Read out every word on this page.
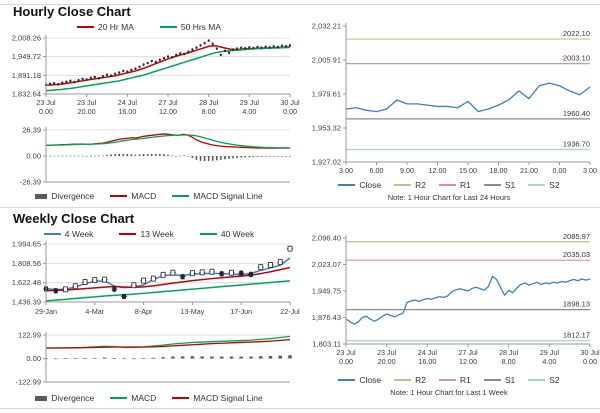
Hourly Close Chart
20 Hr MA	50 Hrs MA
2,008.26
1,949.72
1,891.18
1,832.64
23 Jul
0.00
23 Jul
20.00
24 Jul
16.00
27 Jul
12.00
28 Jul
8.00
29 Jul
4.00
30 Jul
0.00
26.39
0.00
-26.39
Divergence	MACD	MACD Signal Line
2022.10
2003.10
1960.40
1936.70
2,032.21
2,005.91
1,979.61
1,953.32
1,927.02
3.00 6.00 9.00 12.00 15.00 18.00 21.00 0.00 3.00
Close	R2	R1	S1	S2
Note: 1 Hour Chart for Last 24 Hours
Weekly Close Chart
4 Week	13 Week	40 Week
1,994.65
1,808.56
1,622.48
1,436.39
29-Jan	4-Mar	8-Apr	13-May	17-Jun	22-Jul
122.99
0.00
-122.99
Divergence	MACD	MACD Signal Line
2085.97
2035.03
1898.13
1812.17
2,096.40
2,023.07
1,949.75
1,876.43
1,803.11
23 Jul
0.00
23 Jul
20.00
24 Jul
16.00
27 Jul
12.00
28 Jul
8.00
29 Jul
4.00
30 Jul
0.00
Close	R2	R1	S1	S2
Note: 1 Hour Chart for Last 1 Week
